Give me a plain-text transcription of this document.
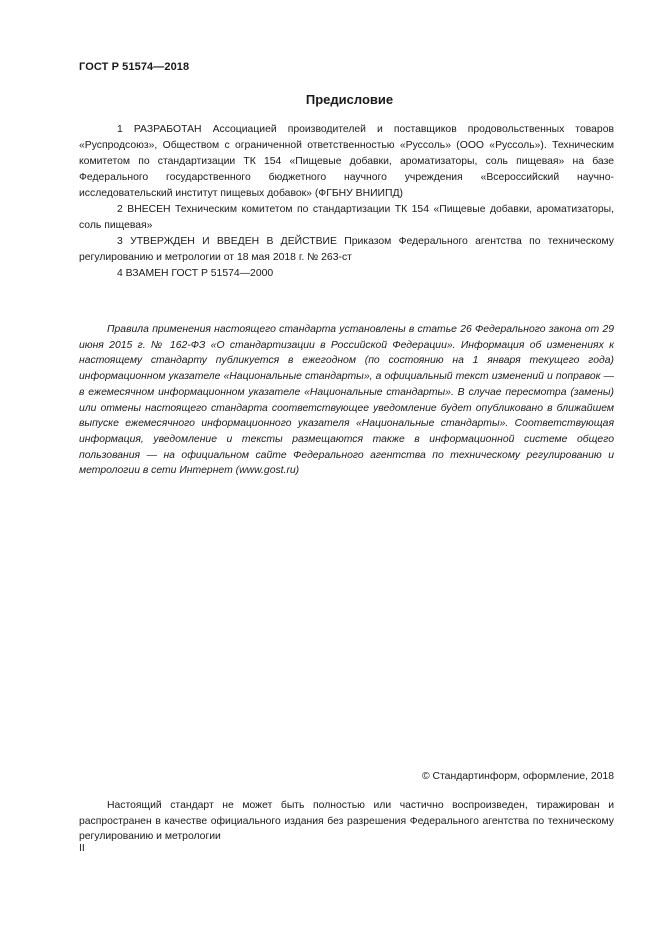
ГОСТ Р 51574—2018
Предисловие

1 РАЗРАБОТАН Ассоциацией производителей и поставщиков продовольственных товаров «Руспродсоюз», Обществом с ограниченной ответственностью «Руссоль» (ООО «Руссоль»). Техническим комитетом по стандартизации ТК 154 «Пищевые добавки, ароматизаторы, соль пищевая» на базе Федерального государственного бюджетного научного учреждения «Всероссийский научно-исследовательский институт пищевых добавок» (ФГБНУ ВНИИПД)

2 ВНЕСЕН Техническим комитетом по стандартизации ТК 154 «Пищевые добавки, ароматизаторы, соль пищевая»

3 УТВЕРЖДЕН И ВВЕДЕН В ДЕЙСТВИЕ Приказом Федерального агентства по техническому регулированию и метрологии от 18 мая 2018 г. № 263-ст

4 ВЗАМЕН ГОСТ Р 51574—2000

Правила применения настоящего стандарта установлены в статье 26 Федерального закона от 29 июня 2015 г. № 162-ФЗ «О стандартизации в Российской Федерации». Информация об изменениях к настоящему стандарту публикуется в ежегодном (по состоянию на 1 января текущего года) информационном указателе «Национальные стандарты», а официальный текст изменений и поправок — в ежемесячном информационном указателе «Национальные стандарты». В случае пересмотра (замены) или отмены настоящего стандарта соответствующее уведомление будет опубликовано в ближайшем выпуске ежемесячного информационного указателя «Национальные стандарты». Соответствующая информация, уведомление и тексты размещаются также в информационной системе общего пользования — на официальном сайте Федерального агентства по техническому регулированию и метрологии в сети Интернет (www.gost.ru)

© Стандартинформ, оформление, 2018

Настоящий стандарт не может быть полностью или частично воспроизведен, тиражирован и распространен в качестве официального издания без разрешения Федерального агентства по техническому регулированию и метрологии

II
